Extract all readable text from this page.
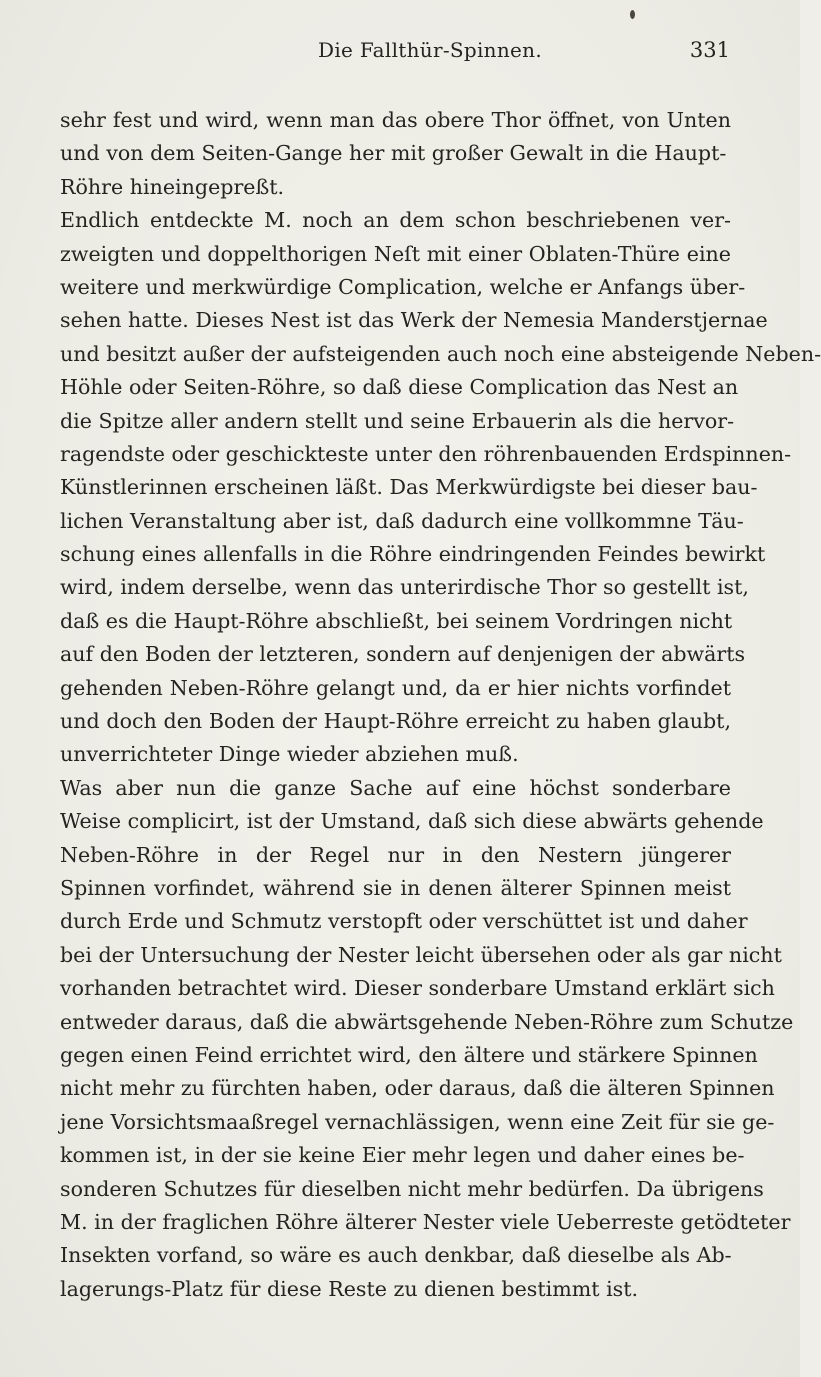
Die Fallthür-Spinnen.	331
sehr fest und wird, wenn man das obere Thor öffnet, von Unten
und von dem Seiten-Gange her mit großer Gewalt in die Haupt-
Röhre hineingepreßt.
Endlich entdeckte M. noch an dem schon beschriebenen ver-
zweigten und doppelthorigen Neſt mit einer Oblaten-Thüre eine
weitere und merkwürdige Complication, welche er Anfangs über-
sehen hatte. Dieses Nest ist das Werk der Nemesia Manderstjernae
und besitzt außer der aufsteigenden auch noch eine absteigende Neben-
Höhle oder Seiten-Röhre, so daß diese Complication das Nest an
die Spitze aller andern stellt und seine Erbauerin als die hervor-
ragendste oder geschickteste unter den röhrenbauenden Erdspinnen-
Künstlerinnen erscheinen läßt. Das Merkwürdigste bei dieser bau-
lichen Veranstaltung aber ist, daß dadurch eine vollkommne Täu-
schung eines allenfalls in die Röhre eindringenden Feindes bewirkt
wird, indem derselbe, wenn das unterirdische Thor so gestellt ist,
daß es die Haupt-Röhre abschließt, bei seinem Vordringen nicht
auf den Boden der letzteren, sondern auf denjenigen der abwärts
gehenden Neben-Röhre gelangt und, da er hier nichts vorfindet
und doch den Boden der Haupt-Röhre erreicht zu haben glaubt,
unverrichteter Dinge wieder abziehen muß.
Was aber nun die ganze Sache auf eine höchst sonderbare
Weise complicirt, ist der Umstand, daß sich diese abwärts gehende
Neben-Röhre in der Regel nur in den Nestern jüngerer
Spinnen vorfindet, während sie in denen älterer Spinnen meist
durch Erde und Schmutz verstopft oder verschüttet ist und daher
bei der Untersuchung der Nester leicht übersehen oder als gar nicht
vorhanden betrachtet wird. Dieser sonderbare Umstand erklärt sich
entweder daraus, daß die abwärtsgehende Neben-Röhre zum Schutze
gegen einen Feind errichtet wird, den ältere und stärkere Spinnen
nicht mehr zu fürchten haben, oder daraus, daß die älteren Spinnen
jene Vorsichtsmaaßregel vernachlässigen, wenn eine Zeit für sie ge-
kommen ist, in der sie keine Eier mehr legen und daher eines be-
sonderen Schutzes für dieselben nicht mehr bedürfen. Da übrigens
M. in der fraglichen Röhre älterer Nester viele Ueberreste getödteter
Insekten vorfand, so wäre es auch denkbar, daß dieselbe als Ab-
lagerungs-Platz für diese Reste zu dienen bestimmt ist.
